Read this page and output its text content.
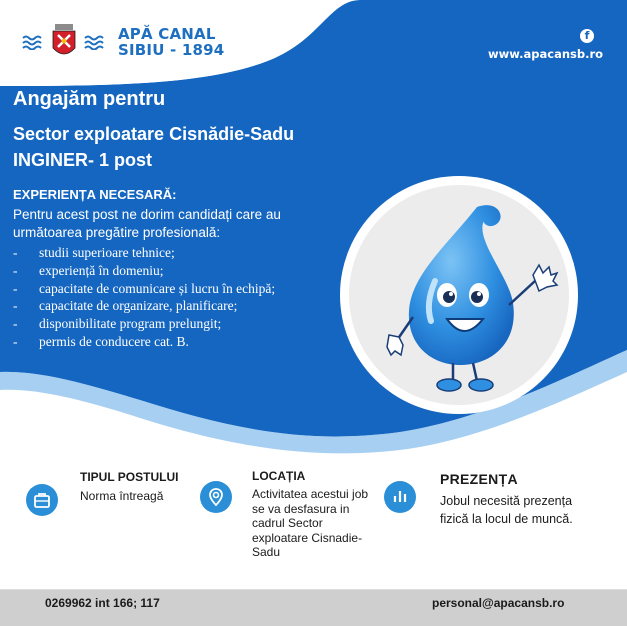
APĂ CANAL
SIBIU - 1894
f
www.apacansb.ro
Angajăm pentru
Sector exploatare Cisnădie-Sadu
INGINER- 1 post
EXPERIENȚA NECESARĂ:
Pentru acest post ne dorim candidați care au următoarea pregătire profesională:
-	studii superioare tehnice;
-	experiență în domeniu;
-	capacitate de comunicare și lucru în echipă;
-	capacitate de organizare, planificare;
-	disponibilitate program prelungit;
-	permis de conducere cat. B.
TIPUL POSTULUI
Norma întreagă
LOCAȚIA
Activitatea acestui job se va desfasura in cadrul Sector exploatare Cisnadie-Sadu
PREZENȚA
Jobul necesită prezența fizică la locul de muncă.
0269962 int 166; 117	personal@apacansb.ro
